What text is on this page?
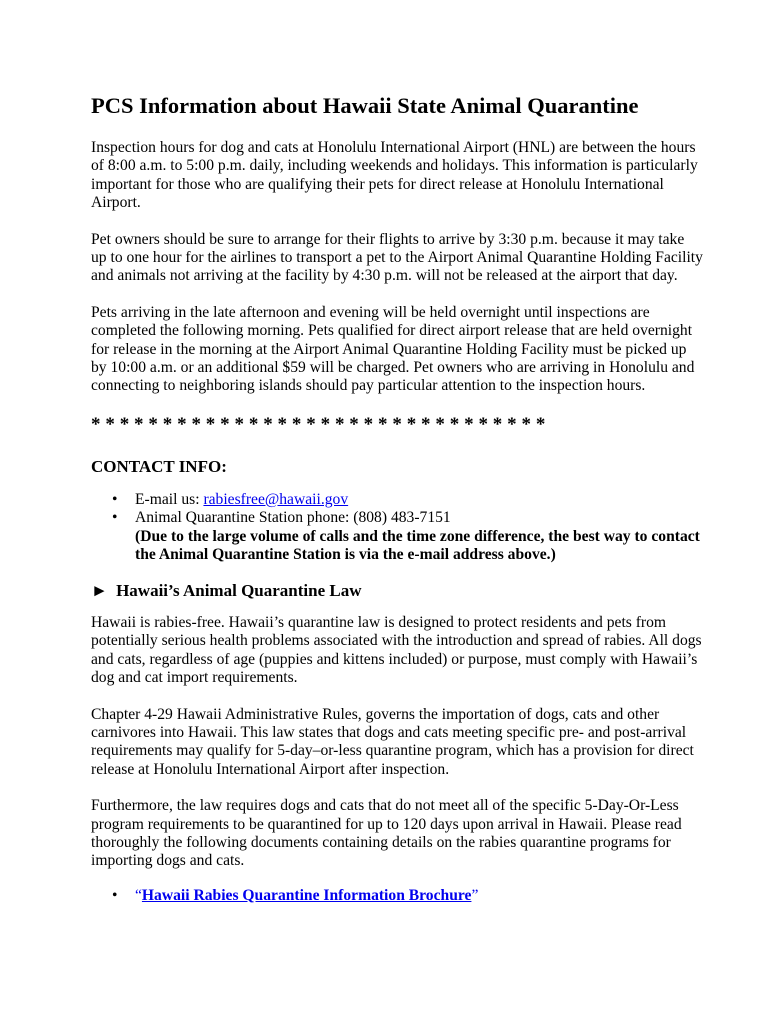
PCS Information about Hawaii State Animal Quarantine

Inspection hours for dog and cats at Honolulu International Airport (HNL) are between the hours of 8:00 a.m. to 5:00 p.m. daily, including weekends and holidays. This information is particularly important for those who are qualifying their pets for direct release at Honolulu International Airport.

Pet owners should be sure to arrange for their flights to arrive by 3:30 p.m. because it may take up to one hour for the airlines to transport a pet to the Airport Animal Quarantine Holding Facility and animals not arriving at the facility by 4:30 p.m. will not be released at the airport that day.

Pets arriving in the late afternoon and evening will be held overnight until inspections are completed the following morning. Pets qualified for direct airport release that are held overnight for release in the morning at the Airport Animal Quarantine Holding Facility must be picked up by 10:00 a.m. or an additional $59 will be charged. Pet owners who are arriving in Honolulu and connecting to neighboring islands should pay particular attention to the inspection hours.

* * * * * * * * * * * * * * * * * * * * * * * * * * * * * * * *
CONTACT INFO:
• E-mail us: rabiesfree@hawaii.gov
• Animal Quarantine Station phone: (808) 483-7151
(Due to the large volume of calls and the time zone difference, the best way to contact the Animal Quarantine Station is via the e-mail address above.)
► Hawaii’s Animal Quarantine Law

Hawaii is rabies-free. Hawaii’s quarantine law is designed to protect residents and pets from potentially serious health problems associated with the introduction and spread of rabies. All dogs and cats, regardless of age (puppies and kittens included) or purpose, must comply with Hawaii’s dog and cat import requirements.

Chapter 4-29 Hawaii Administrative Rules, governs the importation of dogs, cats and other carnivores into Hawaii. This law states that dogs and cats meeting specific pre- and post-arrival requirements may qualify for 5-day–or-less quarantine program, which has a provision for direct release at Honolulu International Airport after inspection.

Furthermore, the law requires dogs and cats that do not meet all of the specific 5-Day-Or-Less program requirements to be quarantined for up to 120 days upon arrival in Hawaii. Please read thoroughly the following documents containing details on the rabies quarantine programs for importing dogs and cats.

• “Hawaii Rabies Quarantine Information Brochure”
